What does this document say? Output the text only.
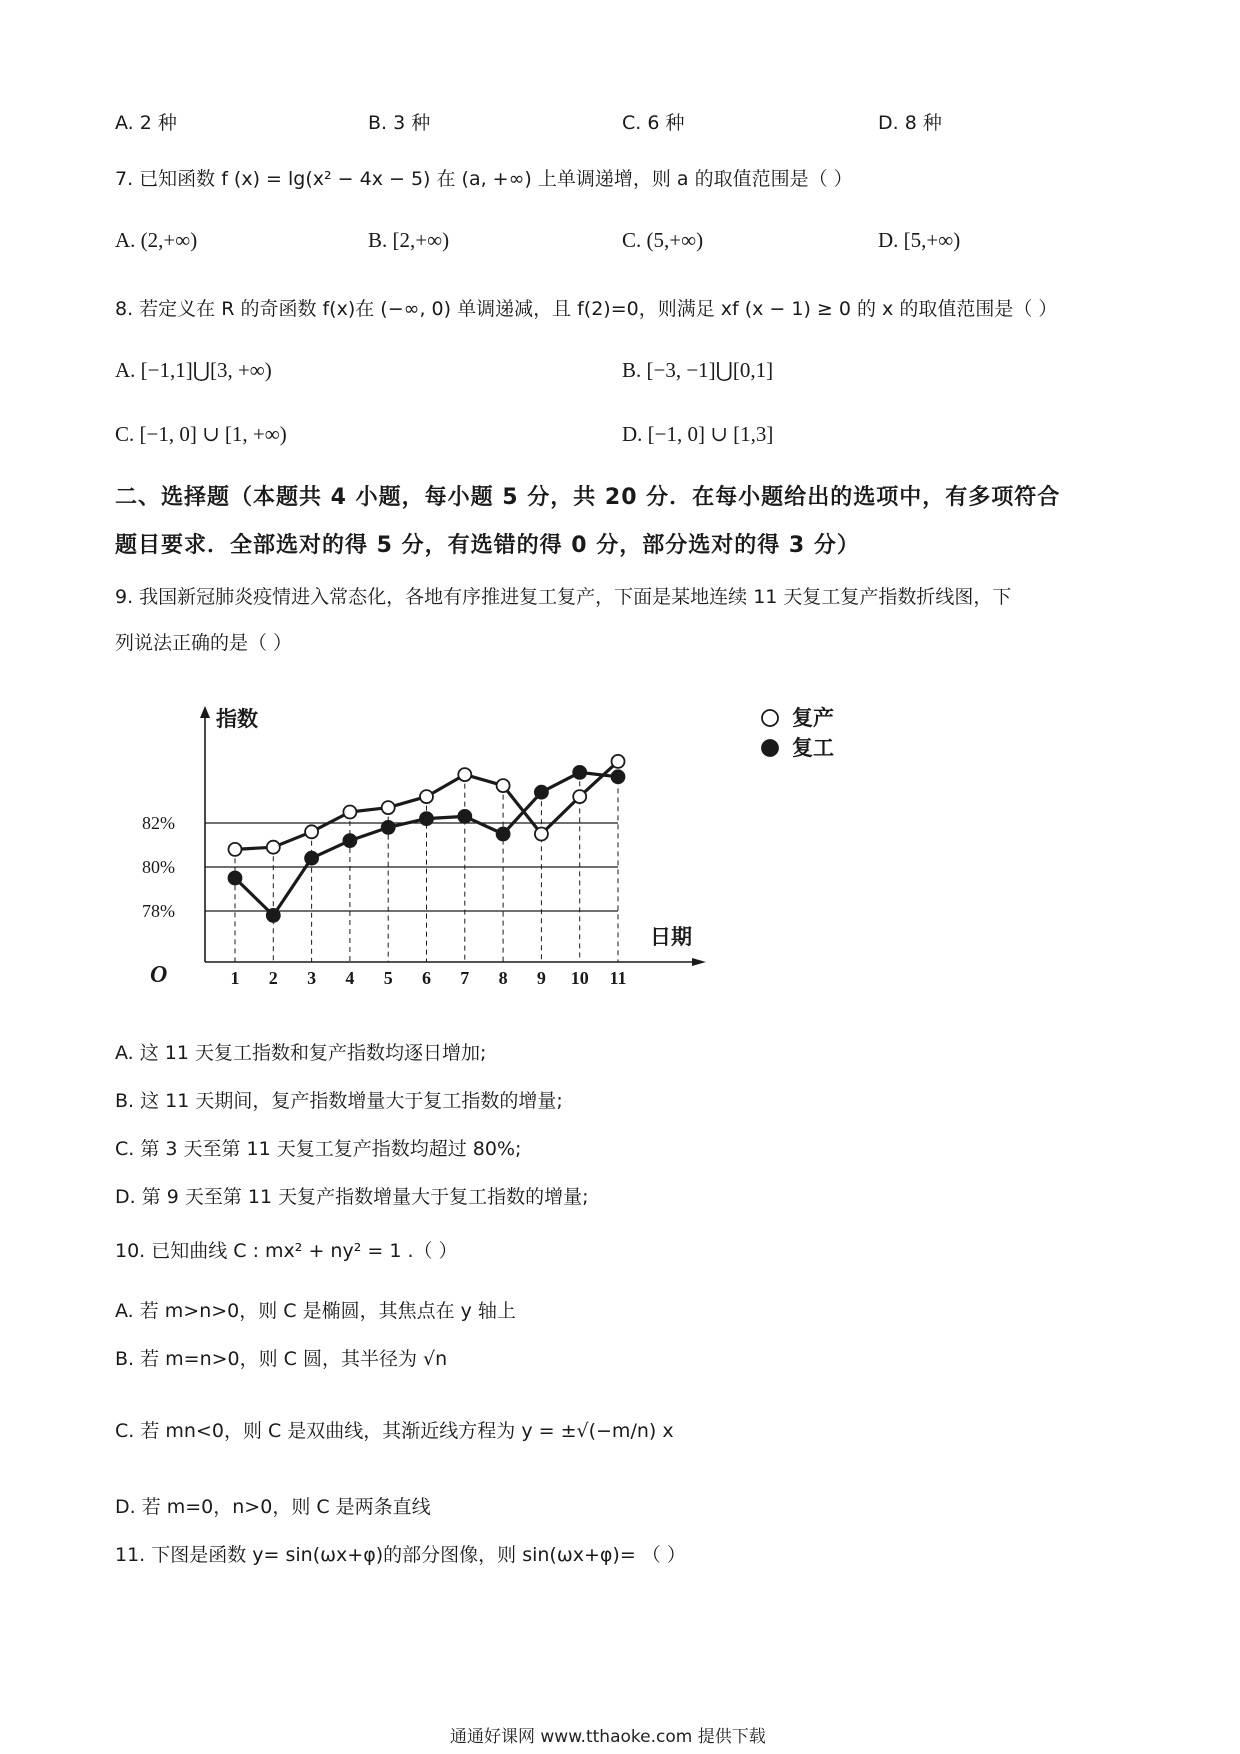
A. 2 种	B. 3 种	C. 6 种	D. 8 种
7. 已知函数 f (x) = lg(x² − 4x − 5) 在 (a, +∞) 上单调递增，则 a 的取值范围是（ ）
A. (2,+∞)	B. [2,+∞)	C. (5,+∞)	D. [5,+∞)
8. 若定义在 R 的奇函数 f(x)在 (−∞, 0) 单调递减，且 f(2)=0，则满足 xf (x − 1) ≥ 0 的 x 的取值范围是（ ）
A. [−1,1]⋃[3, +∞)	B. [−3, −1]⋃[0,1]
C. [−1, 0] ∪ [1, +∞)	D. [−1, 0] ∪ [1,3]
二、选择题（本题共 4 小题，每小题 5 分，共 20 分．在每小题给出的选项中，有多项符合
题目要求．全部选对的得 5 分，有选错的得 0 分，部分选对的得 3 分）
9. 我国新冠肺炎疫情进入常态化，各地有序推进复工复产，下面是某地连续 11 天复工复产指数折线图，下
列说法正确的是（ ）
78%
80%
82%
指数
日期
O	1 2 3 4 5 6 7 8 9 10 11
复产
复工
A. 这 11 天复工指数和复产指数均逐日增加;
B. 这 11 天期间，复产指数增量大于复工指数的增量;
C. 第 3 天至第 11 天复工复产指数均超过 80%;
D. 第 9 天至第 11 天复产指数增量大于复工指数的增量;
10. 已知曲线 C : mx² + ny² = 1 .（ ）
A. 若 m>n>0，则 C 是椭圆，其焦点在 y 轴上
B. 若 m=n>0，则 C 圆，其半径为 √n
C. 若 mn<0，则 C 是双曲线，其渐近线方程为 y = ±√(−m/n) x
D. 若 m=0，n>0，则 C 是两条直线
11. 下图是函数 y= sin(ωx+φ)的部分图像，则 sin(ωx+φ)= （ ）
通通好课网 www.tthaoke.com 提供下载
